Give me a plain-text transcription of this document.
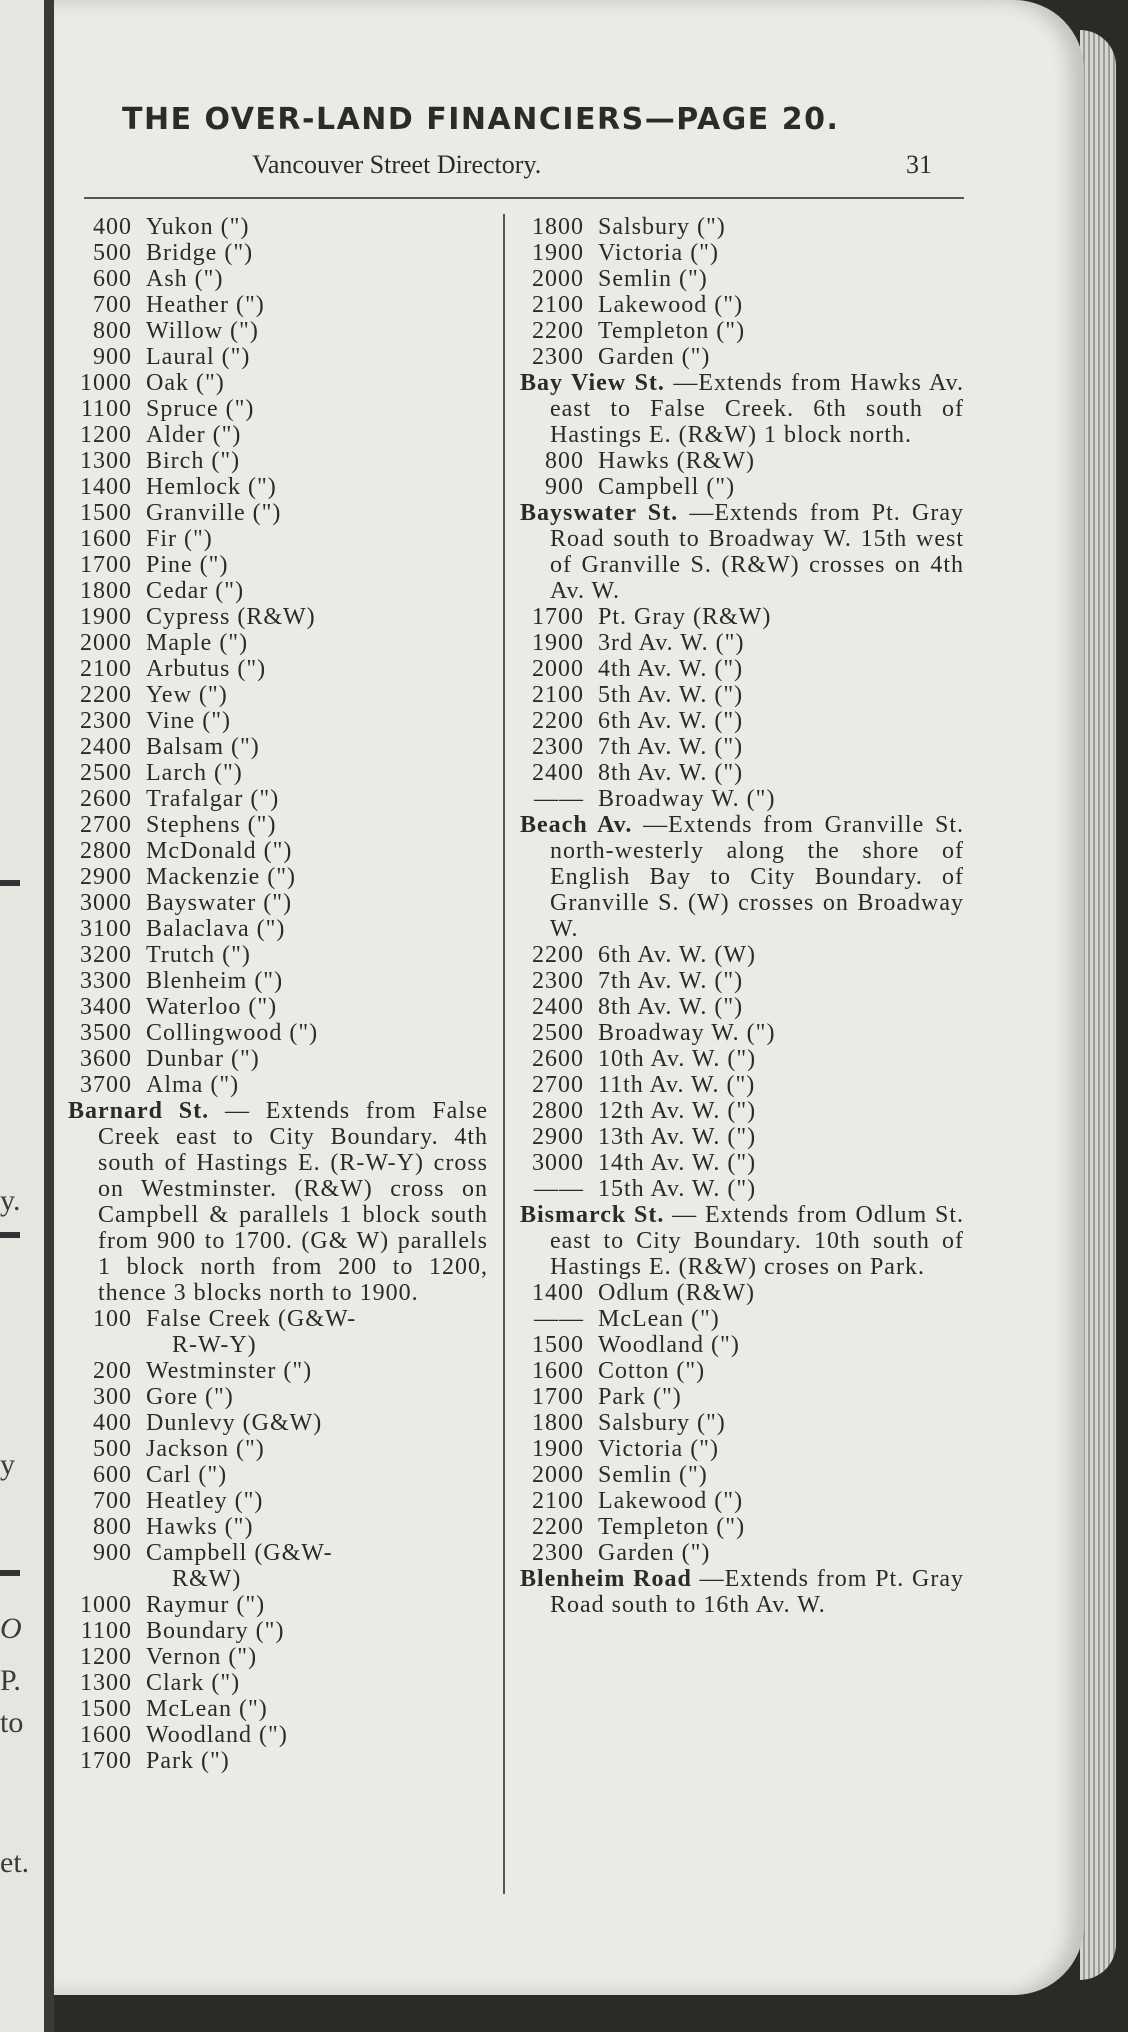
y.
y
O
P.
to
et.
THE OVER-LAND FINANCIERS—PAGE 20.
Vancouver Street Directory.	31
400 Yukon (")
500 Bridge (")
600 Ash (")
700 Heather (")
800 Willow (")
900 Laural (")
1000 Oak (")
1100 Spruce (")
1200 Alder (")
1300 Birch (")
1400 Hemlock (")
1500 Granville (")
1600 Fir (")
1700 Pine (")
1800 Cedar (")
1900 Cypress (R&W)
2000 Maple (")
2100 Arbutus (")
2200 Yew (")
2300 Vine (")
2400 Balsam (")
2500 Larch (")
2600 Trafalgar (")
2700 Stephens (")
2800 McDonald (")
2900 Mackenzie (")
3000 Bayswater (")
3100 Balaclava (")
3200 Trutch (")
3300 Blenheim (")
3400 Waterloo (")
3500 Collingwood (")
3600 Dunbar (")
3700 Alma (")
Barnard St. — Extends from False Creek east to City Boundary. 4th south of Hastings E. (R-W-Y) cross on Westminster. (R&W) cross on Campbell & parallels 1 block south from 900 to 1700. (G& W) parallels 1 block north from 200 to 1200, thence 3 blocks north to 1900.
100 False Creek (G&W-
R-W-Y)
200 Westminster (")
300 Gore (")
400 Dunlevy (G&W)
500 Jackson (")
600 Carl (")
700 Heatley (")
800 Hawks (")
900 Campbell (G&W-
R&W)
1000 Raymur (")
1100 Boundary (")
1200 Vernon (")
1300 Clark (")
1500 McLean (")
1600 Woodland (")
1700 Park (")
1800 Salsbury (")
1900 Victoria (")
2000 Semlin (")
2100 Lakewood (")
2200 Templeton (")
2300 Garden (")
Bay View St. —Extends from Hawks Av. east to False Creek. 6th south of Hastings E. (R&W) 1 block north.
800 Hawks (R&W)
900 Campbell (")
Bayswater St. —Extends from Pt. Gray Road south to Broadway W. 15th west of Granville S. (R&W) crosses on 4th Av. W.
1700 Pt. Gray (R&W)
1900 3rd Av. W. (")
2000 4th Av. W. (")
2100 5th Av. W. (")
2200 6th Av. W. (")
2300 7th Av. W. (")
2400 8th Av. W. (")
—— Broadway W. (")
Beach Av. —Extends from Granville St. north-westerly along the shore of English Bay to City Boundary. of Granville S. (W) crosses on Broadway W.
2200 6th Av. W. (W)
2300 7th Av. W. (")
2400 8th Av. W. (")
2500 Broadway W. (")
2600 10th Av. W. (")
2700 11th Av. W. (")
2800 12th Av. W. (")
2900 13th Av. W. (")
3000 14th Av. W. (")
—— 15th Av. W. (")
Bismarck St. — Extends from Odlum St. east to City Boundary. 10th south of Hastings E. (R&W) croses on Park.
1400 Odlum (R&W)
—— McLean (")
1500 Woodland (")
1600 Cotton (")
1700 Park (")
1800 Salsbury (")
1900 Victoria (")
2000 Semlin (")
2100 Lakewood (")
2200 Templeton (")
2300 Garden (")
Blenheim Road —Extends from Pt. Gray Road south to 16th Av. W.
